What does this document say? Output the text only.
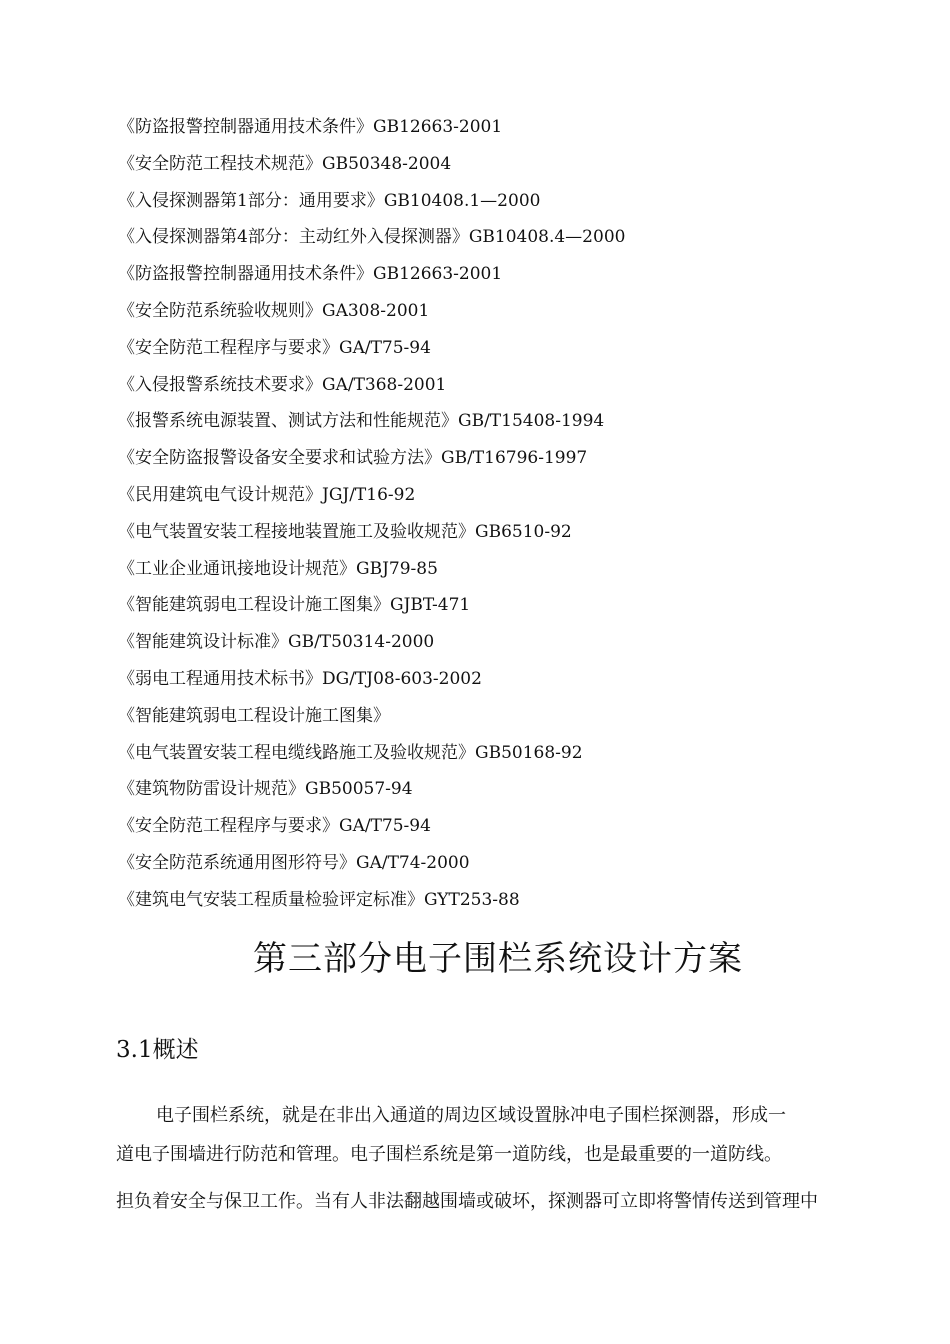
《防盗报警控制器通用技术条件》GB12663-2001
《安全防范工程技术规范》GB50348-2004
《入侵探测器第1部分：通用要求》GB10408.1—2000
《入侵探测器第4部分：主动红外入侵探测器》GB10408.4—2000
《防盗报警控制器通用技术条件》GB12663-2001
《安全防范系统验收规则》GA308-2001
《安全防范工程程序与要求》GA/T75-94
《入侵报警系统技术要求》GA/T368-2001
《报警系统电源装置、测试方法和性能规范》GB/T15408-1994
《安全防盗报警设备安全要求和试验方法》GB/T16796-1997
《民用建筑电气设计规范》JGJ/T16-92
《电气装置安装工程接地装置施工及验收规范》GB6510-92
《工业企业通讯接地设计规范》GBJ79-85
《智能建筑弱电工程设计施工图集》GJBT-471
《智能建筑设计标准》GB/T50314-2000
《弱电工程通用技术标书》DG/TJ08-603-2002
《智能建筑弱电工程设计施工图集》
《电气装置安装工程电缆线路施工及验收规范》GB50168-92
《建筑物防雷设计规范》GB50057-94
《安全防范工程程序与要求》GA/T75-94
《安全防范系统通用图形符号》GA/T74-2000
《建筑电气安装工程质量检验评定标准》GYT253-88
第三部分电子围栏系统设计方案
3.1概述

电子围栏系统，就是在非出入通道的周边区域设置脉冲电子围栏探测器，形成一

道电子围墙进行防范和管理。电子围栏系统是第一道防线，也是最重要的一道防线。

担负着安全与保卫工作。当有人非法翻越围墙或破坏，探测器可立即将警情传送到管理中
